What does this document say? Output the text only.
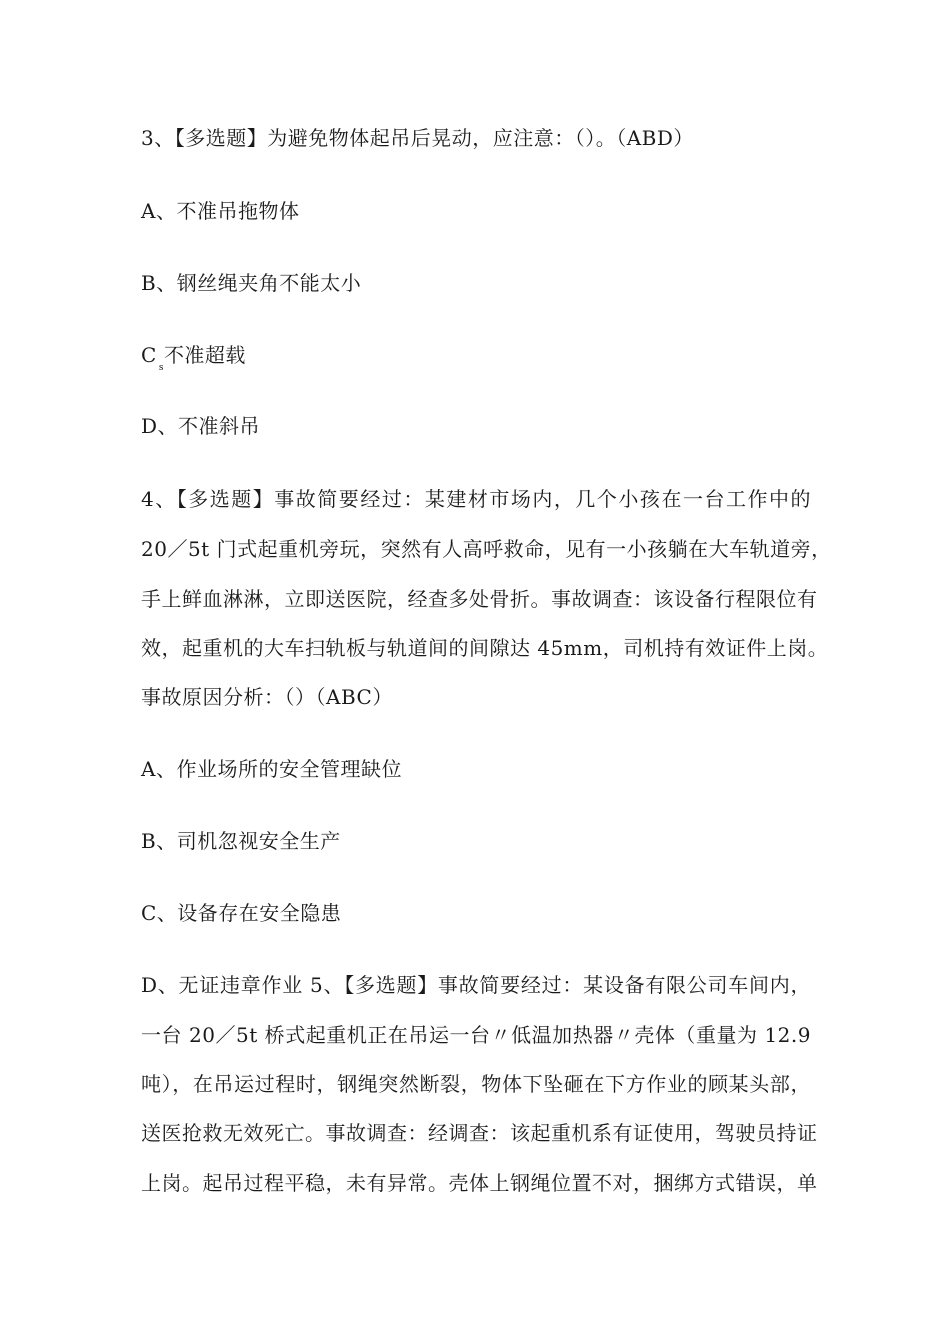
3、【多选题】为避免物体起吊后晃动，应注意：（）。（ABD）
A、不准吊拖物体
B、钢丝绳夹角不能太小
$C_s$不准超载
D、不准斜吊
4、【多选题】事故简要经过：某建材市场内，几个小孩在一台工作中的
20／5t 门式起重机旁玩，突然有人高呼救命，见有一小孩躺在大车轨道旁，
手上鲜血淋淋，立即送医院，经查多处骨折。事故调查：该设备行程限位有
效，起重机的大车扫轨板与轨道间的间隙达 45mm，司机持有效证件上岗。
事故原因分析：（）（ABC）
A、作业场所的安全管理缺位
B、司机忽视安全生产
C、设备存在安全隐患
D、无证违章作业 5、【多选题】事故简要经过：某设备有限公司车间内，
一台 20／5t 桥式起重机正在吊运一台〃低温加热器〃壳体（重量为 12.9
吨），在吊运过程时，钢绳突然断裂，物体下坠砸在下方作业的顾某头部，
送医抢救无效死亡。事故调查：经调查：该起重机系有证使用，驾驶员持证
上岗。起吊过程平稳，未有异常。壳体上钢绳位置不对，捆绑方式错误，单
